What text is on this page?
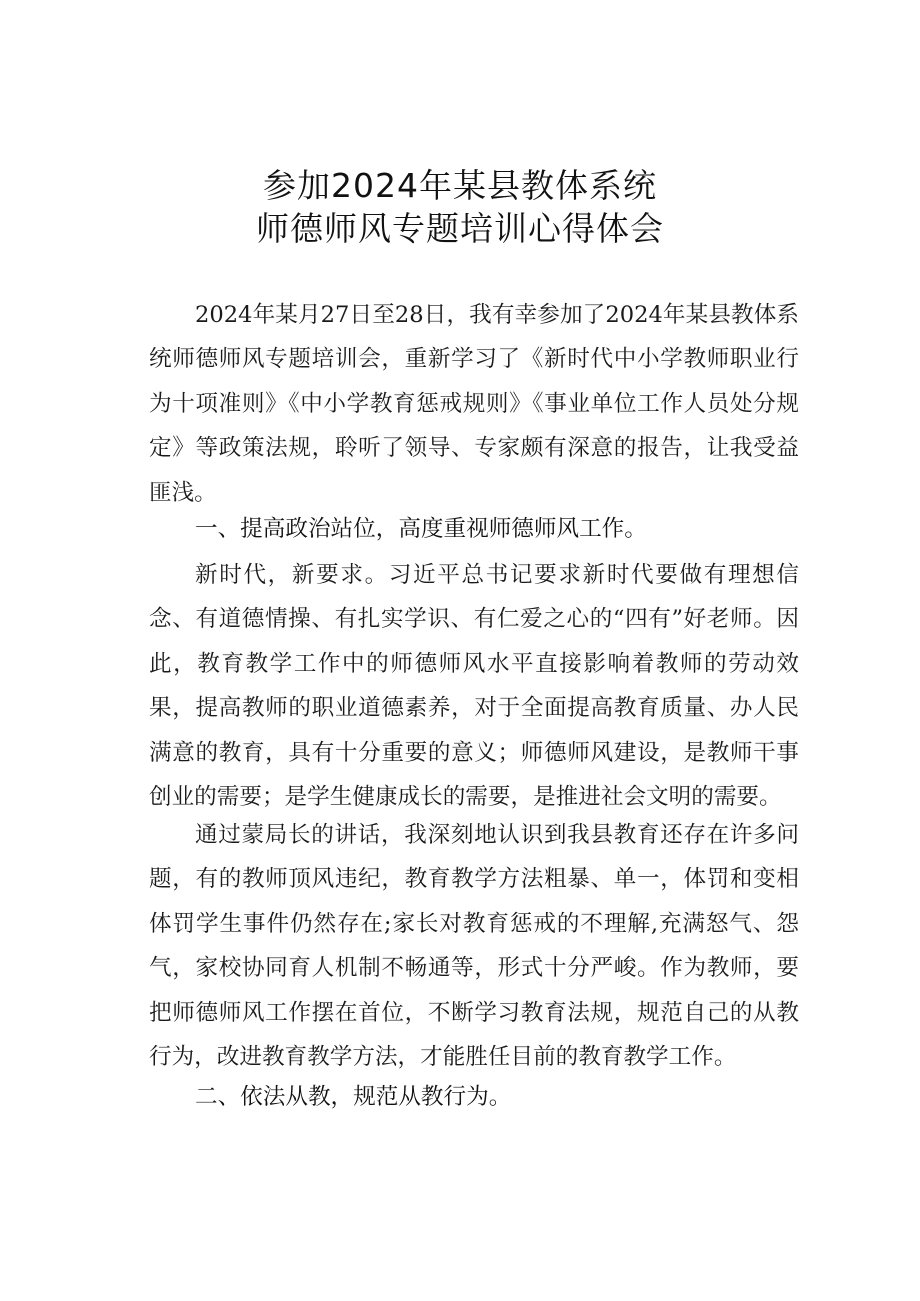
参加2024年某县教体系统
师德师风专题培训心得体会

2024年某月27日至28日，我有幸参加了2024年某县教体系统师德师风专题培训会，重新学习了《新时代中小学教师职业行为十项准则》《中小学教育惩戒规则》《事业单位工作人员处分规定》等政策法规，聆听了领导、专家颇有深意的报告，让我受益匪浅。

一、提高政治站位，高度重视师德师风工作。

新时代，新要求。习近平总书记要求新时代要做有理想信念、有道德情操、有扎实学识、有仁爱之心的“四有”好老师。因此，教育教学工作中的师德师风水平直接影响着教师的劳动效果，提高教师的职业道德素养，对于全面提高教育质量、办人民满意的教育，具有十分重要的意义；师德师风建设，是教师干事创业的需要；是学生健康成长的需要，是推进社会文明的需要。

通过蒙局长的讲话，我深刻地认识到我县教育还存在许多问题，有的教师顶风违纪，教育教学方法粗暴、单一，体罚和变相体罚学生事件仍然存在;家长对教育惩戒的不理解,充满怒气、怨气，家校协同育人机制不畅通等，形式十分严峻。作为教师，要把师德师风工作摆在首位，不断学习教育法规，规范自己的从教行为，改进教育教学方法，才能胜任目前的教育教学工作。

二、依法从教，规范从教行为。
